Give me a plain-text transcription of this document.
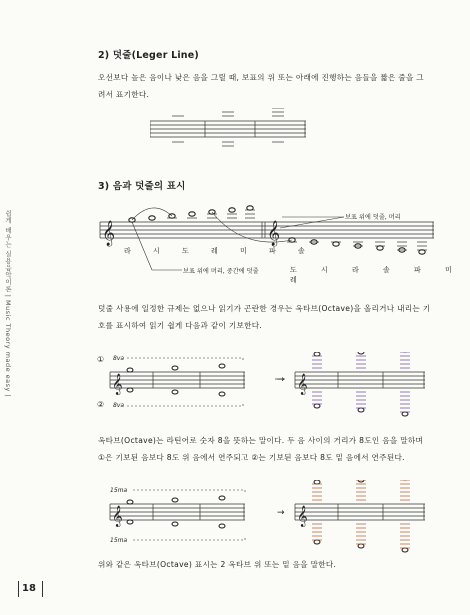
쉽게 배우는 실용음악이론 | Music Theory made easy |
2) 덧줄(Leger Line)
오선보다 높은 음이나 낮은 음을 그릴 때, 보표의 위 또는 아래에 진행하는 음들을 짧은 줄을 그
려서 표기한다.
3) 음과 덧줄의 표시
𝄞	𝄞
보표 위에 덧줄, 머리
보표 위에 머리, 중간에 덧줄
라 시 도 레 미 파 솔
도 시 라 솔 파 미 레
덧줄 사용에 일정한 규제는 없으나 읽기가 곤란한 경우는 옥타브(Octave)을 올리거나 내리는 기
호를 표시하여 읽기 쉽게 다음과 같이 기보한다.
①
②
8va
8va
→
𝄞	𝄞
옥타브(Octave)는 라틴어로 숫자 8을 뜻하는 말이다. 두 음 사이의 거리가 8도인 음을 말하며
①은 기보된 음보다 8도 위 음에서 연주되고 ②는 기보된 음보다 8도 밑 음에서 연주된다.
15ma
15ma
→
𝄞	𝄞
위와 같은 옥타브(Octave) 표시는 2 옥타브 위 또는 밑 음을 말한다.
18
